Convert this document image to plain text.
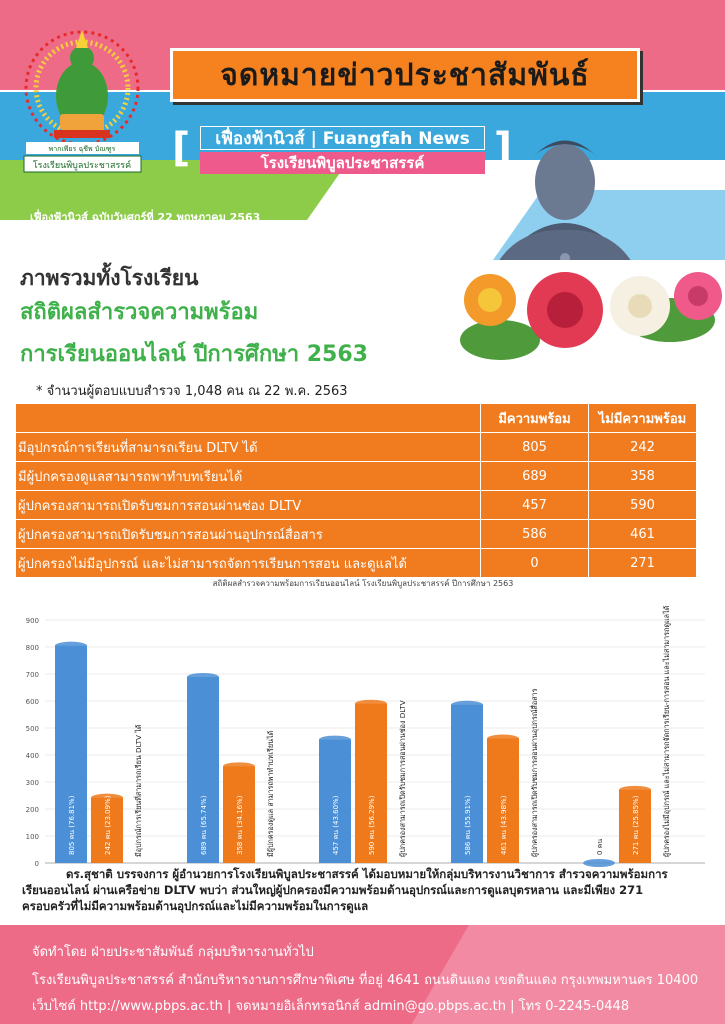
พากเพียร ฉุชีพ บัณฑูร
โรงเรียนพิบูลประชาสรรค์
จดหมายข่าวประชาสัมพันธ์
[	เฟื่องฟ้านิวส์ | Fuangfah News
โรงเรียนพิบูลประชาสรรค์	]
เฟื่องฟ้านิวส์ ฉบับวันศุกร์ที่ 22 พฤษภาคม 2563
ภาพรวมทั้งโรงเรียน
สถิติผลสำรวจความพร้อม
การเรียนออนไลน์ ปีการศึกษา 2563
* จำนวนผู้ตอบแบบสำรวจ 1,048 คน ณ 22 พ.ค. 2563
	มีความพร้อม	ไม่มีความพร้อม
มีอุปกรณ์การเรียนที่สามารถเรียน DLTV ได้	805	242
มีผู้ปกครองดูแลสามารถพาทำบทเรียนได้	689	358
ผู้ปกครองสามารถเปิดรับชมการสอนผ่านช่อง DLTV	457	590
ผู้ปกครองสามารถเปิดรับชมการสอนผ่านอุปกรณ์สื่อสาร	586	461
ผู้ปกครองไม่มีอุปกรณ์ และไม่สามารถจัดการเรียนการสอน และดูแลได้	0	271
สถิติผลสำรวจความพร้อมการเรียนออนไลน์ โรงเรียนพิบูลประชาสรรค์ ปีการศึกษา 2563
0
100
200
300
400
500
600
700
800
900
805 คน (76.81%)	242 คน (23.09%)	มีอุปกรณ์การเรียนที่สามารถเรียน DLTV ได้	689 คน (65.74%)	358 คน (34.16%)	มีผู้ปกครองดูแล สามารถพาทำบทเรียนได้	457 คน (43.60%)	590 คน (56.29%)	ผู้ปกครองสามารถเปิดรับชมการสอนผ่านช่อง DLTV	586 คน (55.91%)	461 คน (43.98%)	ผู้ปกครองสามารถเปิดรับชมการสอนผ่านอุปกรณ์สื่อสาร	0 คน	271 คน (25.85%)	ผู้ปกครองไม่มีอุปกรณ์ และไม่สามารถจัดการเรียน-การสอน และไม่สามารถดูแลได้
ดร.สุชาติ บรรจงการ ผู้อำนวยการโรงเรียนพิบูลประชาสรรค์ ได้มอบหมายให้กลุ่มบริหารงานวิชาการ สำรวจความพร้อมการเรียนออนไลน์ ผ่านเครือข่าย DLTV พบว่า ส่วนใหญ่ผู้ปกครองมีความพร้อมด้านอุปกรณ์และการดูแลบุตรหลาน และมีเพียง 271 ครอบครัวที่ไม่มีความพร้อมด้านอุปกรณ์และไม่มีความพร้อมในการดูแล
จัดทำโดย ฝ่ายประชาสัมพันธ์ กลุ่มบริหารงานทั่วไป
โรงเรียนพิบูลประชาสรรค์ สำนักบริหารงานการศึกษาพิเศษ ที่อยู่ 4641 ถนนดินแดง เขตดินแดง กรุงเทพมหานคร 10400
เว็บไซต์ http://www.pbps.ac.th | จดหมายอิเล็กทรอนิกส์ admin@go.pbps.ac.th | โทร 0-2245-0448
